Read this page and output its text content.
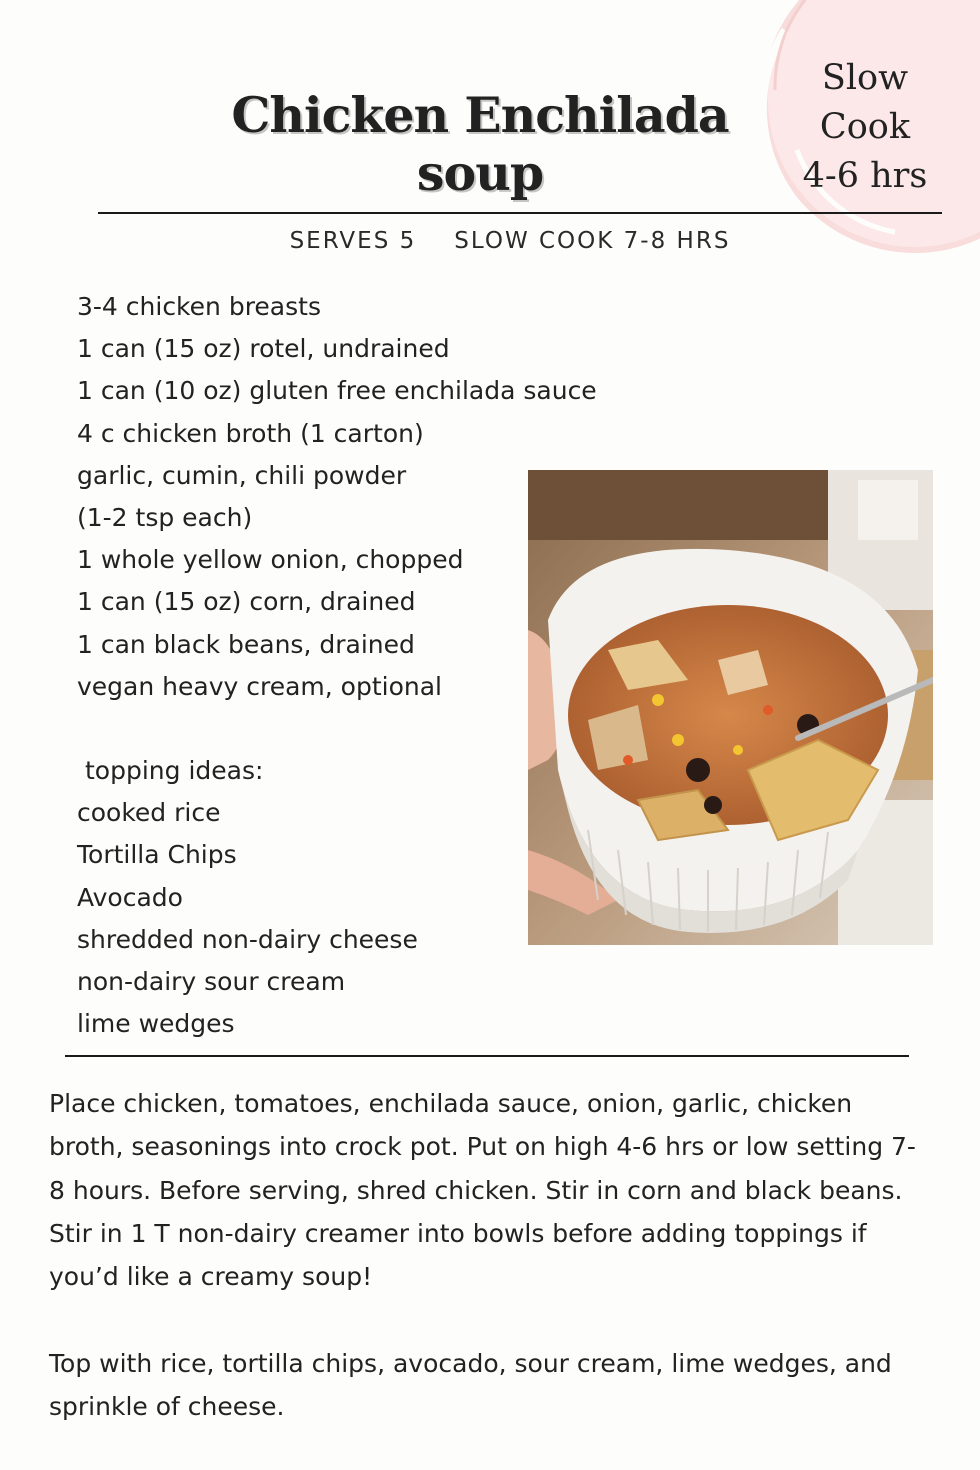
Slow
Cook
4-6 hrs
Chicken Enchilada
soup
SERVES 5 SLOW COOK 7-8 HRS
3-4 chicken breasts
1 can (15 oz) rotel, undrained
1 can (10 oz) gluten free enchilada sauce
4 c chicken broth (1 carton)
garlic, cumin, chili powder
(1-2 tsp each)
1 whole yellow onion, chopped
1 can (15 oz) corn, drained
1 can black beans, drained
vegan heavy cream, optional
topping ideas:
cooked rice
Tortilla Chips
Avocado
shredded non-dairy cheese
non-dairy sour cream
lime wedges

Place chicken, tomatoes, enchilada sauce, onion, garlic, chicken broth, seasonings into crock pot. Put on high 4-6 hrs or low setting 7-8 hours. Before serving, shred chicken. Stir in corn and black beans. Stir in 1 T non-dairy creamer into bowls before adding toppings if you’d like a creamy soup!

Top with rice, tortilla chips, avocado, sour cream, lime wedges, and sprinkle of cheese.
